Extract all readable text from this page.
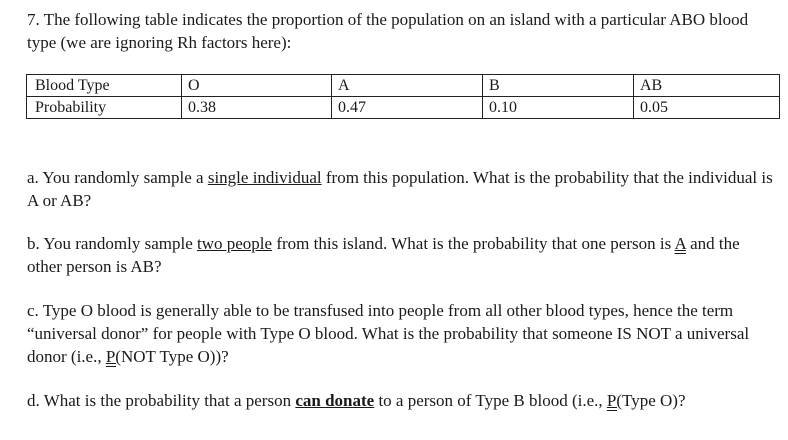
7. The following table indicates the proportion of the population on an island with a particular ABO blood type (we are ignoring Rh factors here):

Blood Type	O	A	B	AB
Probability	0.38	0.47	0.10	0.05

a. You randomly sample a single individual from this population. What is the probability that the individual is A or AB?

b. You randomly sample two people from this island. What is the probability that one person is A and the other person is AB?

c. Type O blood is generally able to be transfused into people from all other blood types, hence the term “universal donor” for people with Type O blood. What is the probability that someone IS NOT a universal donor (i.e., P(NOT Type O))?

d. What is the probability that a person can donate to a person of Type B blood (i.e., P(Type O)?
